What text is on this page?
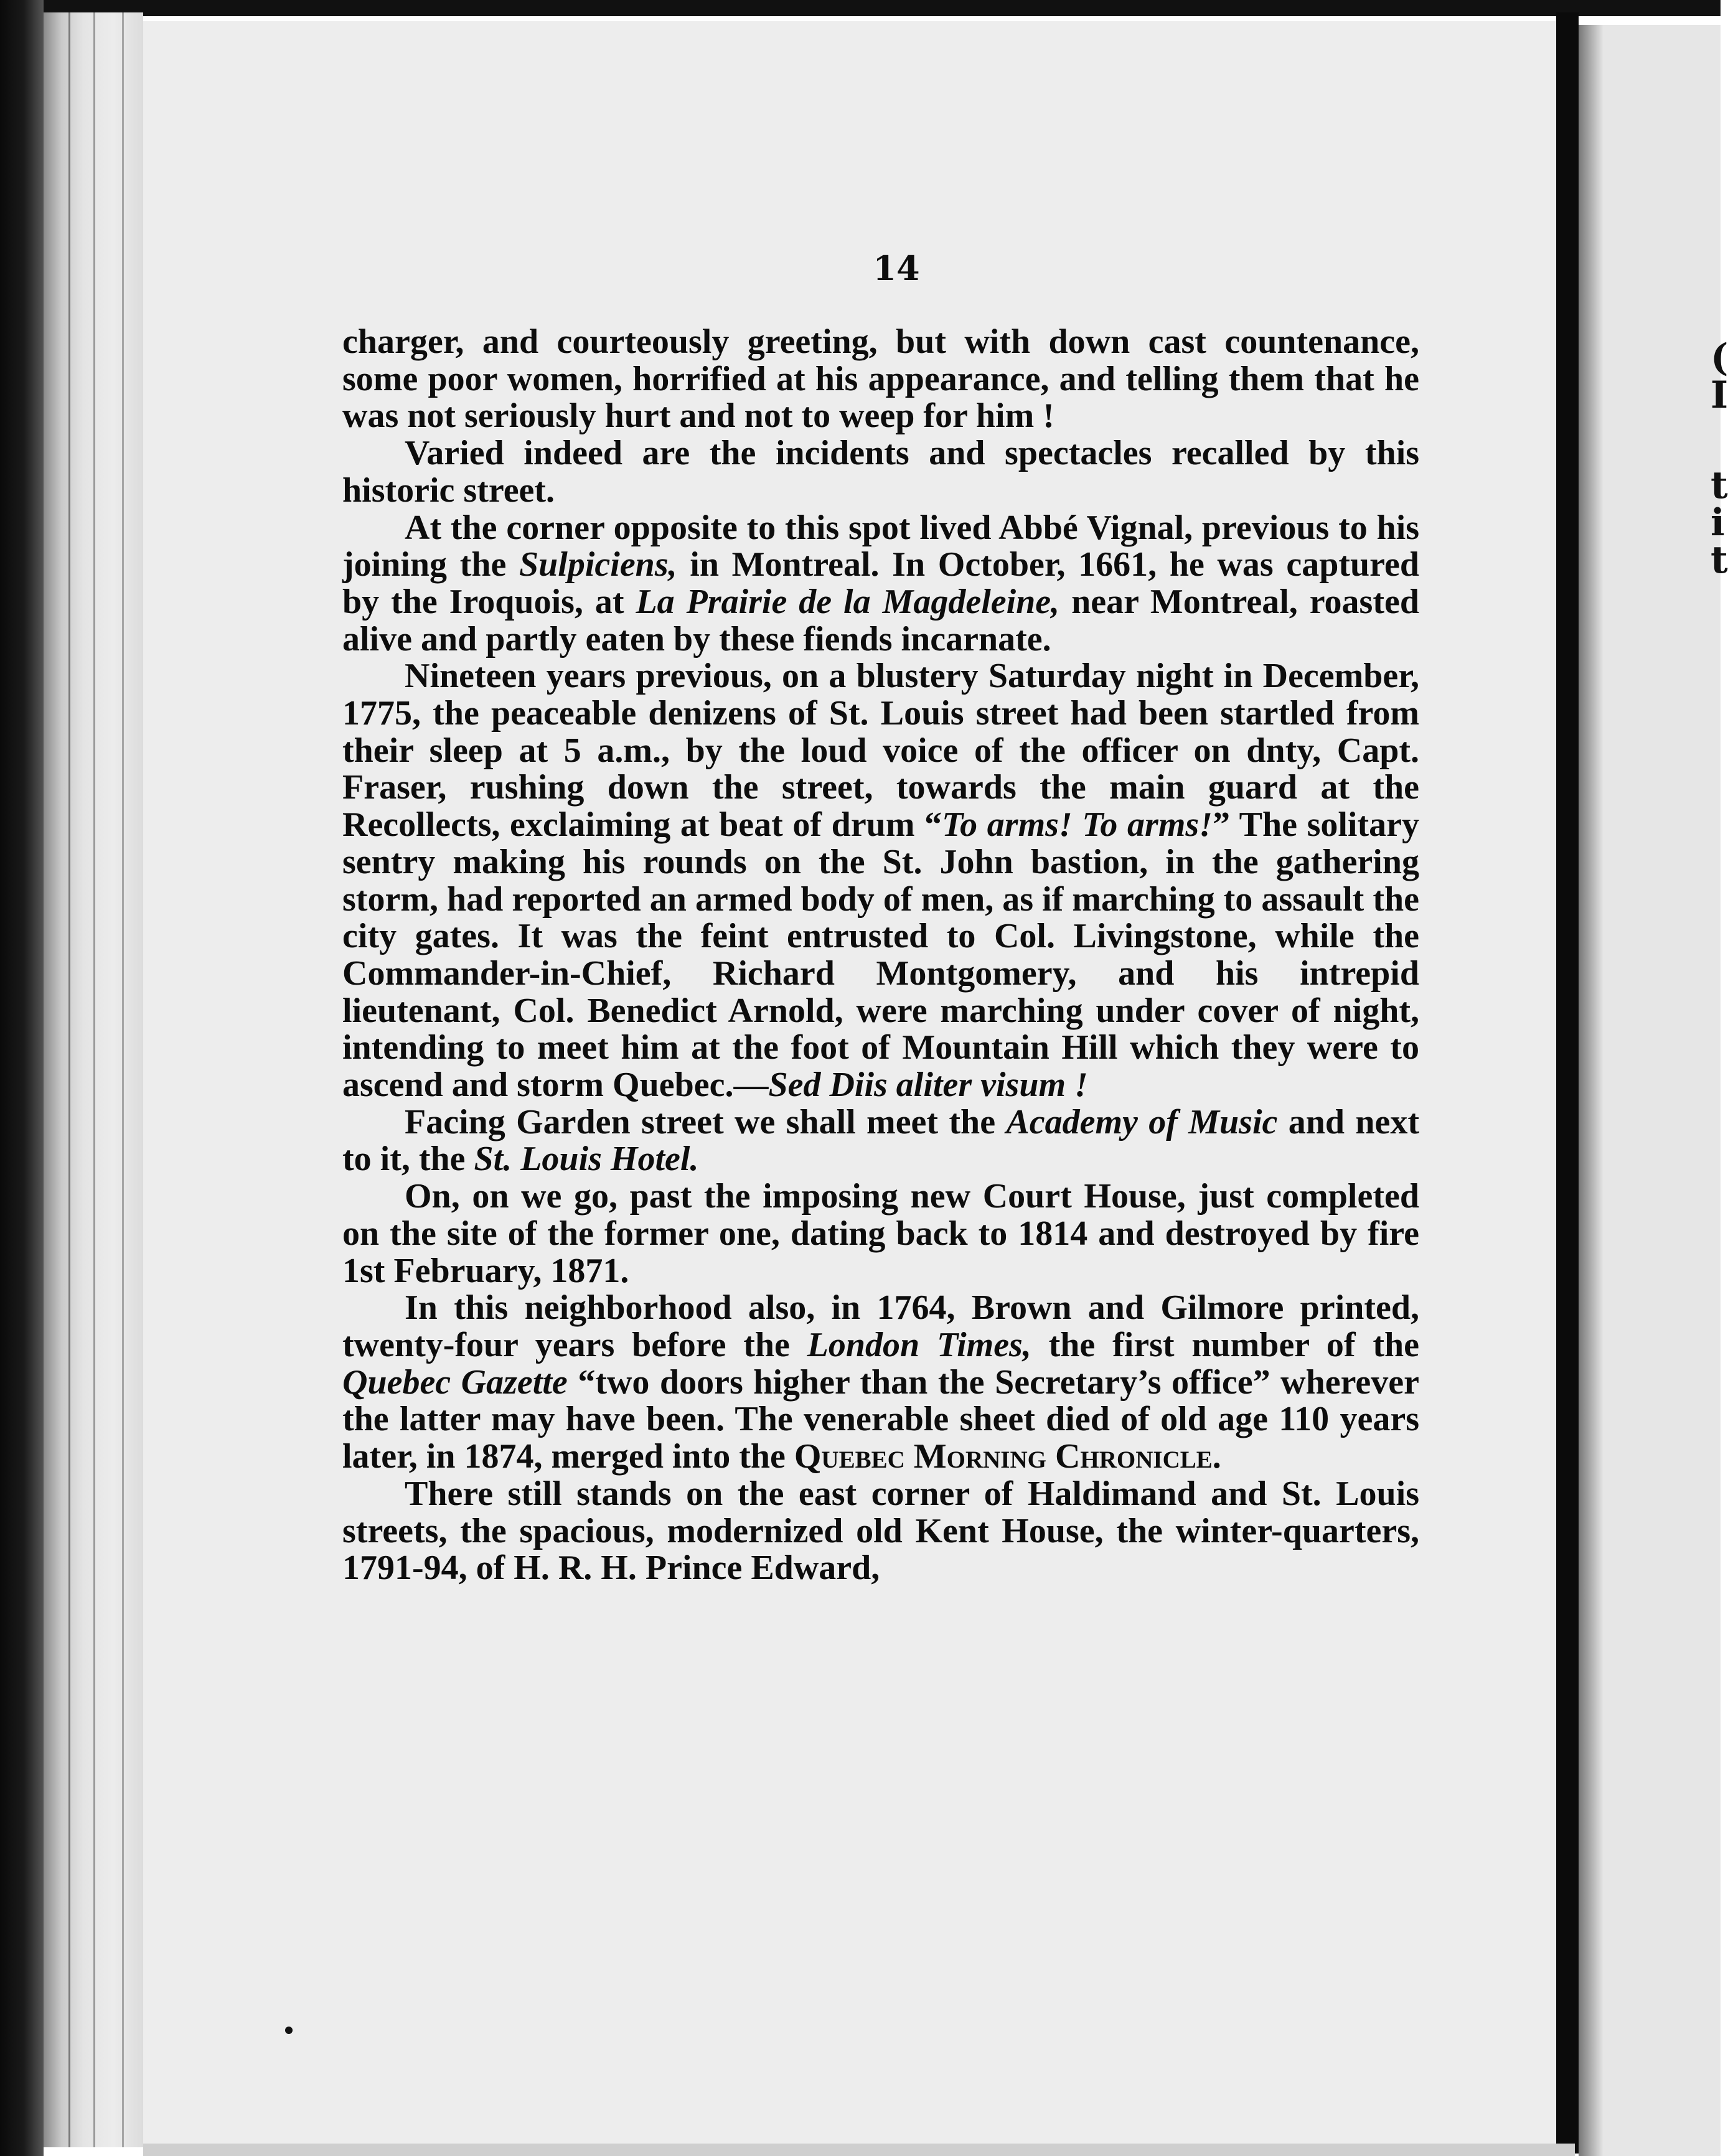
(
I
t
i
t
14

charger, and courteously greeting, but with down cast countenance, some poor women, horrified at his appearance, and telling them that he was not seriously hurt and not to weep for him !

Varied indeed are the incidents and spectacles recalled by this historic street.

At the corner opposite to this spot lived Abbé Vignal, previous to his joining the Sulpiciens, in Montreal. In October, 1661, he was captured by the Iroquois, at La Prairie de la Magdeleine, near Montreal, roasted alive and partly eaten by these fiends incarnate.

Nineteen years previous, on a blustery Saturday night in December, 1775, the peaceable denizens of St. Louis street had been startled from their sleep at 5 a.m., by the loud voice of the officer on dnty, Capt. Fraser, rushing down the street, towards the main guard at the Recollects, exclaiming at beat of drum “To arms! To arms!” The solitary sentry making his rounds on the St. John bastion, in the gathering storm, had reported an armed body of men, as if marching to assault the city gates. It was the feint entrusted to Col. Livingstone, while the Commander-in-Chief, Richard Montgomery, and his intrepid lieutenant, Col. Benedict Arnold, were marching under cover of night, intending to meet him at the foot of Mountain Hill which they were to ascend and storm Quebec.—Sed Diis aliter visum !

Facing Garden street we shall meet the Academy of Music and next to it, the St. Louis Hotel.

On, on we go, past the imposing new Court House, just completed on the site of the former one, dating back to 1814 and destroyed by fire 1st February, 1871.

In this neighborhood also, in 1764, Brown and Gilmore printed, twenty-four years before the London Times, the first number of the Quebec Gazette “two doors higher than the Secretary’s office” wherever the latter may have been. The venerable sheet died of old age 110 years later, in 1874, merged into the Quebec Morning Chronicle.

There still stands on the east corner of Haldimand and St. Louis streets, the spacious, modernized old Kent House, the winter-quarters, 1791-94, of H. R. H. Prince Edward,
